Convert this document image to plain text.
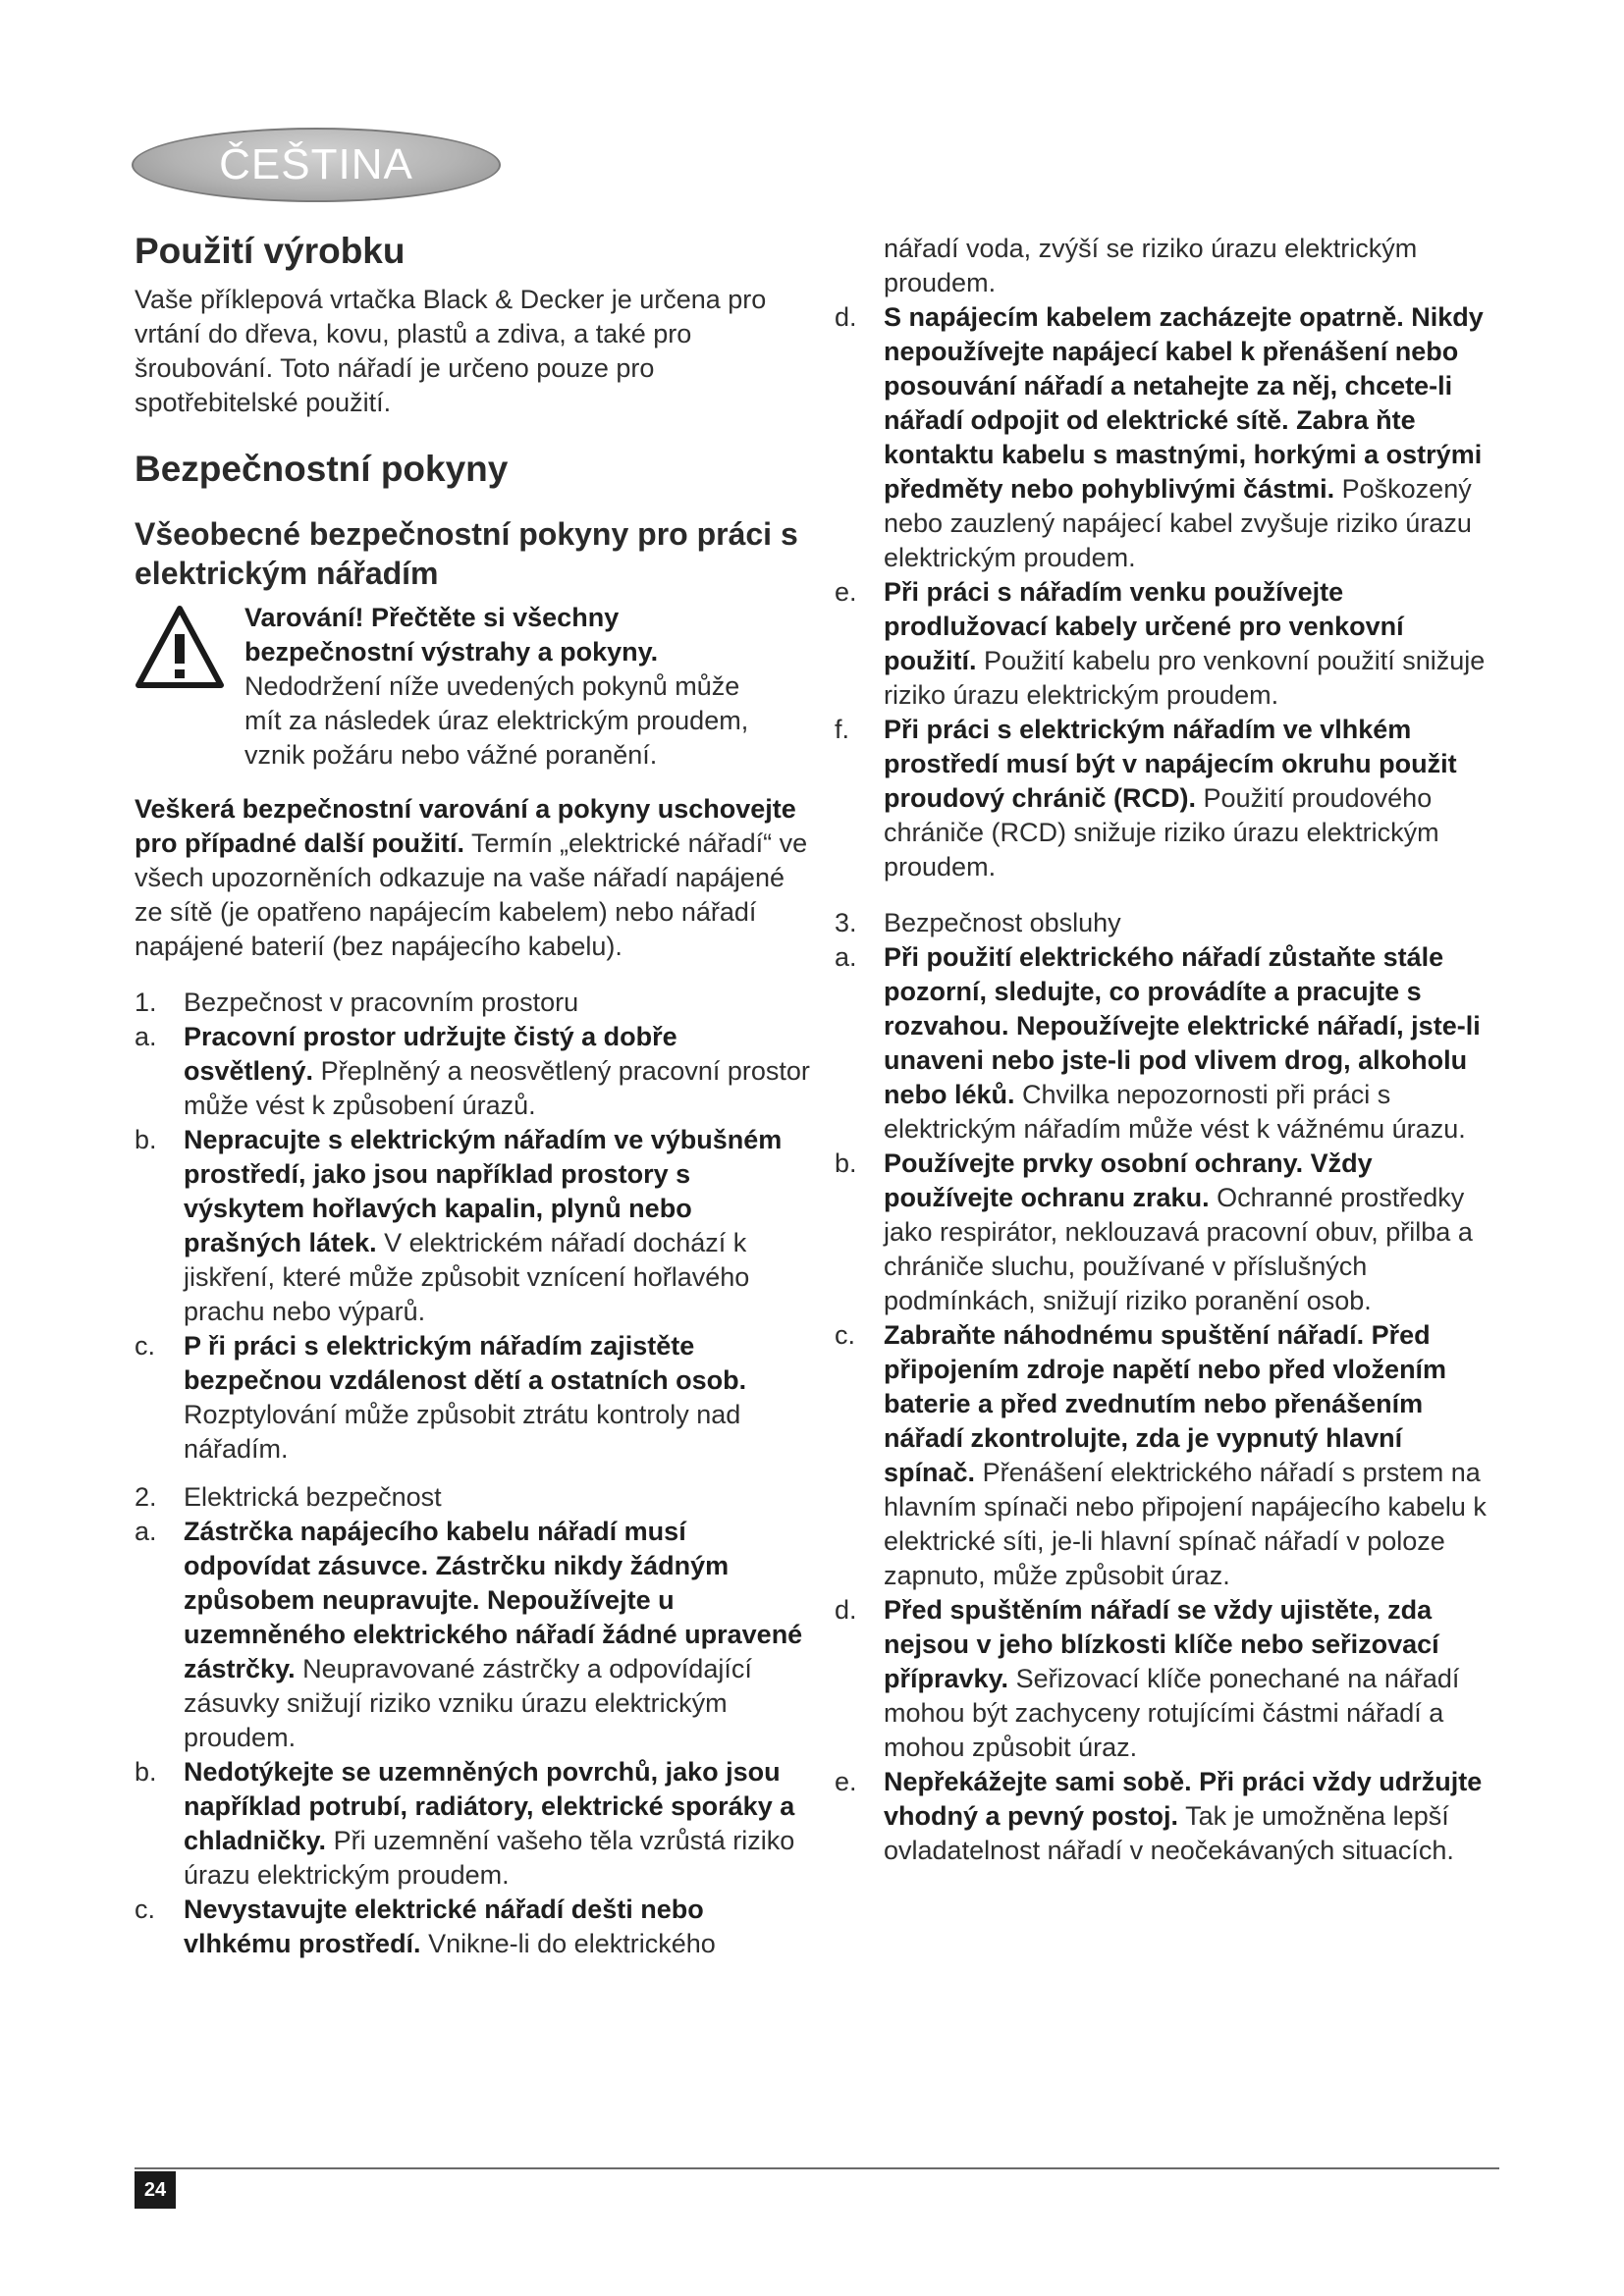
ČEŠTINA
Použití výrobku

Vaše příklepová vrtačka Black & Decker je určena pro vrtání do dřeva, kovu, plastů a zdiva, a také pro šroubování. Toto nářadí je určeno pouze pro spotřebitelské použití.

Bezpečnostní pokyny
Všeobecné bezpečnostní pokyny pro práci s elektrickým nářadím
Varování! Přečtěte si všechny bezpečnostní výstrahy a pokyny. Nedodržení níže uvedených pokynů může mít za následek úraz elektrickým proudem, vznik požáru nebo vážné poranění.

Veškerá bezpečnostní varování a pokyny uschovejte pro případné další použití. Termín „elektrické nářadí“ ve všech upozorněních odkazuje na vaše nářadí napájené ze sítě (je opatřeno napájecím kabelem) nebo nářadí napájené baterií (bez napájecího kabelu).

1.	Bezpečnost v pracovním prostoru
a.	Pracovní prostor udržujte čistý a dobře osvětlený. Přeplněný a neosvětlený pracovní prostor může vést k způsobení úrazů.
b.	Nepracujte s elektrickým nářadím ve výbušném prostředí, jako jsou například prostory s výskytem hořlavých kapalin, plynů nebo prašných látek. V elektrickém nářadí dochází k jiskření, které může způsobit vznícení hořlavého prachu nebo výparů.
c.	P ři práci s elektrickým nářadím zajistěte bezpečnou vzdálenost dětí a ostatních osob. Rozptylování může způsobit ztrátu kontroly nad nářadím.
2.	Elektrická bezpečnost
a.	Zástrčka napájecího kabelu nářadí musí odpovídat zásuvce. Zástrčku nikdy žádným způsobem neupravujte. Nepoužívejte u uzemněného elektrického nářadí žádné upravené zástrčky. Neupravované zástrčky a odpovídající zásuvky snižují riziko vzniku úrazu elektrickým proudem.
b.	Nedotýkejte se uzemněných povrchů, jako jsou například potrubí, radiátory, elektrické sporáky a chladničky. Při uzemnění vašeho těla vzrůstá riziko úrazu elektrickým proudem.
c.	Nevystavujte elektrické nářadí dešti nebo vlhkému prostředí. Vnikne-li do elektrického
nářadí voda, zvýší se riziko úrazu elektrickým proudem.
d.	S napájecím kabelem zacházejte opatrně. Nikdy nepoužívejte napájecí kabel k přenášení nebo posouvání nářadí a netahejte za něj, chcete-li nářadí odpojit od elektrické sítě. Zabra ňte kontaktu kabelu s mastnými, horkými a ostrými předměty nebo pohyblivými částmi. Poškozený nebo zauzlený napájecí kabel zvyšuje riziko úrazu elektrickým proudem.
e.	Při práci s nářadím venku používejte prodlužovací kabely určené pro venkovní použití. Použití kabelu pro venkovní použití snižuje riziko úrazu elektrickým proudem.
f.	Při práci s elektrickým nářadím ve vlhkém prostředí musí být v napájecím okruhu použit proudový chránič (RCD). Použití proudového chrániče (RCD) snižuje riziko úrazu elektrickým proudem.
3.	Bezpečnost obsluhy
a.	Při použití elektrického nářadí zůstaňte stále pozorní, sledujte, co provádíte a pracujte s rozvahou. Nepoužívejte elektrické nářadí, jste-li unaveni nebo jste-li pod vlivem drog, alkoholu nebo léků. Chvilka nepozornosti při práci s elektrickým nářadím může vést k vážnému úrazu.
b.	Používejte prvky osobní ochrany. Vždy používejte ochranu zraku. Ochranné prostředky jako respirátor, neklouzavá pracovní obuv, přilba a chrániče sluchu, používané v příslušných podmínkách, snižují riziko poranění osob.
c.	Zabraňte náhodnému spuštění nářadí. Před připojením zdroje napětí nebo před vložením baterie a před zvednutím nebo přenášením nářadí zkontrolujte, zda je vypnutý hlavní spínač. Přenášení elektrického nářadí s prstem na hlavním spínači nebo připojení napájecího kabelu k elektrické síti, je-li hlavní spínač nářadí v poloze zapnuto, může způsobit úraz.
d.	Před spuštěním nářadí se vždy ujistěte, zda nejsou v jeho blízkosti klíče nebo seřizovací přípravky. Seřizovací klíče ponechané na nářadí mohou být zachyceny rotujícími částmi nářadí a mohou způsobit úraz.
e.	Nepřekážejte sami sobě. Při práci vždy udržujte vhodný a pevný postoj. Tak je umožněna lepší ovladatelnost nářadí v neočekávaných situacích.
24
